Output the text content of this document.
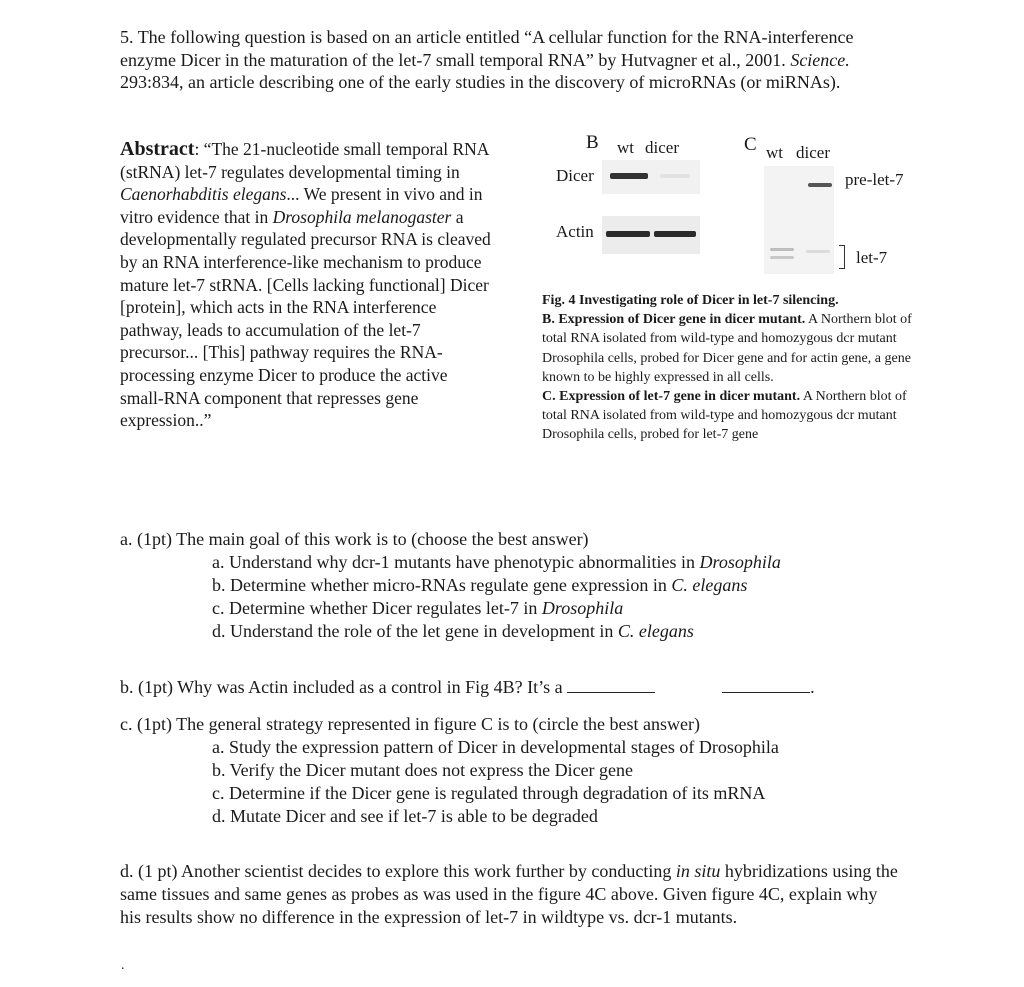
5. The following question is based on an article entitled “A cellular function for the RNA-interference enzyme Dicer in the maturation of the let-7 small temporal RNA” by Hutvagner et al., 2001. Science. 293:834, an article describing one of the early studies in the discovery of microRNAs (or miRNAs).
Abstract: “The 21-nucleotide small temporal RNA (stRNA) let-7 regulates developmental timing in Caenorhabditis elegans... We present in vivo and in vitro evidence that in Drosophila melanogaster a developmentally regulated precursor RNA is cleaved by an RNA interference-like mechanism to produce mature let-7 stRNA. [Cells lacking functional] Dicer [protein], which acts in the RNA interference pathway, leads to accumulation of the let-7 precursor... [This] pathway requires the RNA-processing enzyme Dicer to produce the active small-RNA component that represses gene expression..”
B wt dicer
Dicer
Actin
C wt dicer
pre-let-7
let-7
Fig. 4 Investigating role of Dicer in let-7 silencing.
B. Expression of Dicer gene in dicer mutant. A Northern blot of total RNA isolated from wild-type and homozygous dcr mutant Drosophila cells, probed for Dicer gene and for actin gene, a gene known to be highly expressed in all cells.
C. Expression of let-7 gene in dicer mutant. A Northern blot of total RNA isolated from wild-type and homozygous dcr mutant Drosophila cells, probed for let-7 gene
a. (1pt) The main goal of this work is to (choose the best answer)
a. Understand why dcr-1 mutants have phenotypic abnormalities in Drosophila
b. Determine whether micro-RNAs regulate gene expression in C. elegans
c. Determine whether Dicer regulates let-7 in Drosophila
d. Understand the role of the let gene in development in C. elegans
b. (1pt) Why was Actin included as a control in Fig 4B? It’s a	.
c. (1pt) The general strategy represented in figure C is to (circle the best answer)
a. Study the expression pattern of Dicer in developmental stages of Drosophila
b. Verify the Dicer mutant does not express the Dicer gene
c. Determine if the Dicer gene is regulated through degradation of its mRNA
d. Mutate Dicer and see if let-7 is able to be degraded
d. (1 pt) Another scientist decides to explore this work further by conducting in situ hybridizations using the same tissues and same genes as probes as was used in the figure 4C above. Given figure 4C, explain why his results show no difference in the expression of let-7 in wildtype vs. dcr-1 mutants.
.
